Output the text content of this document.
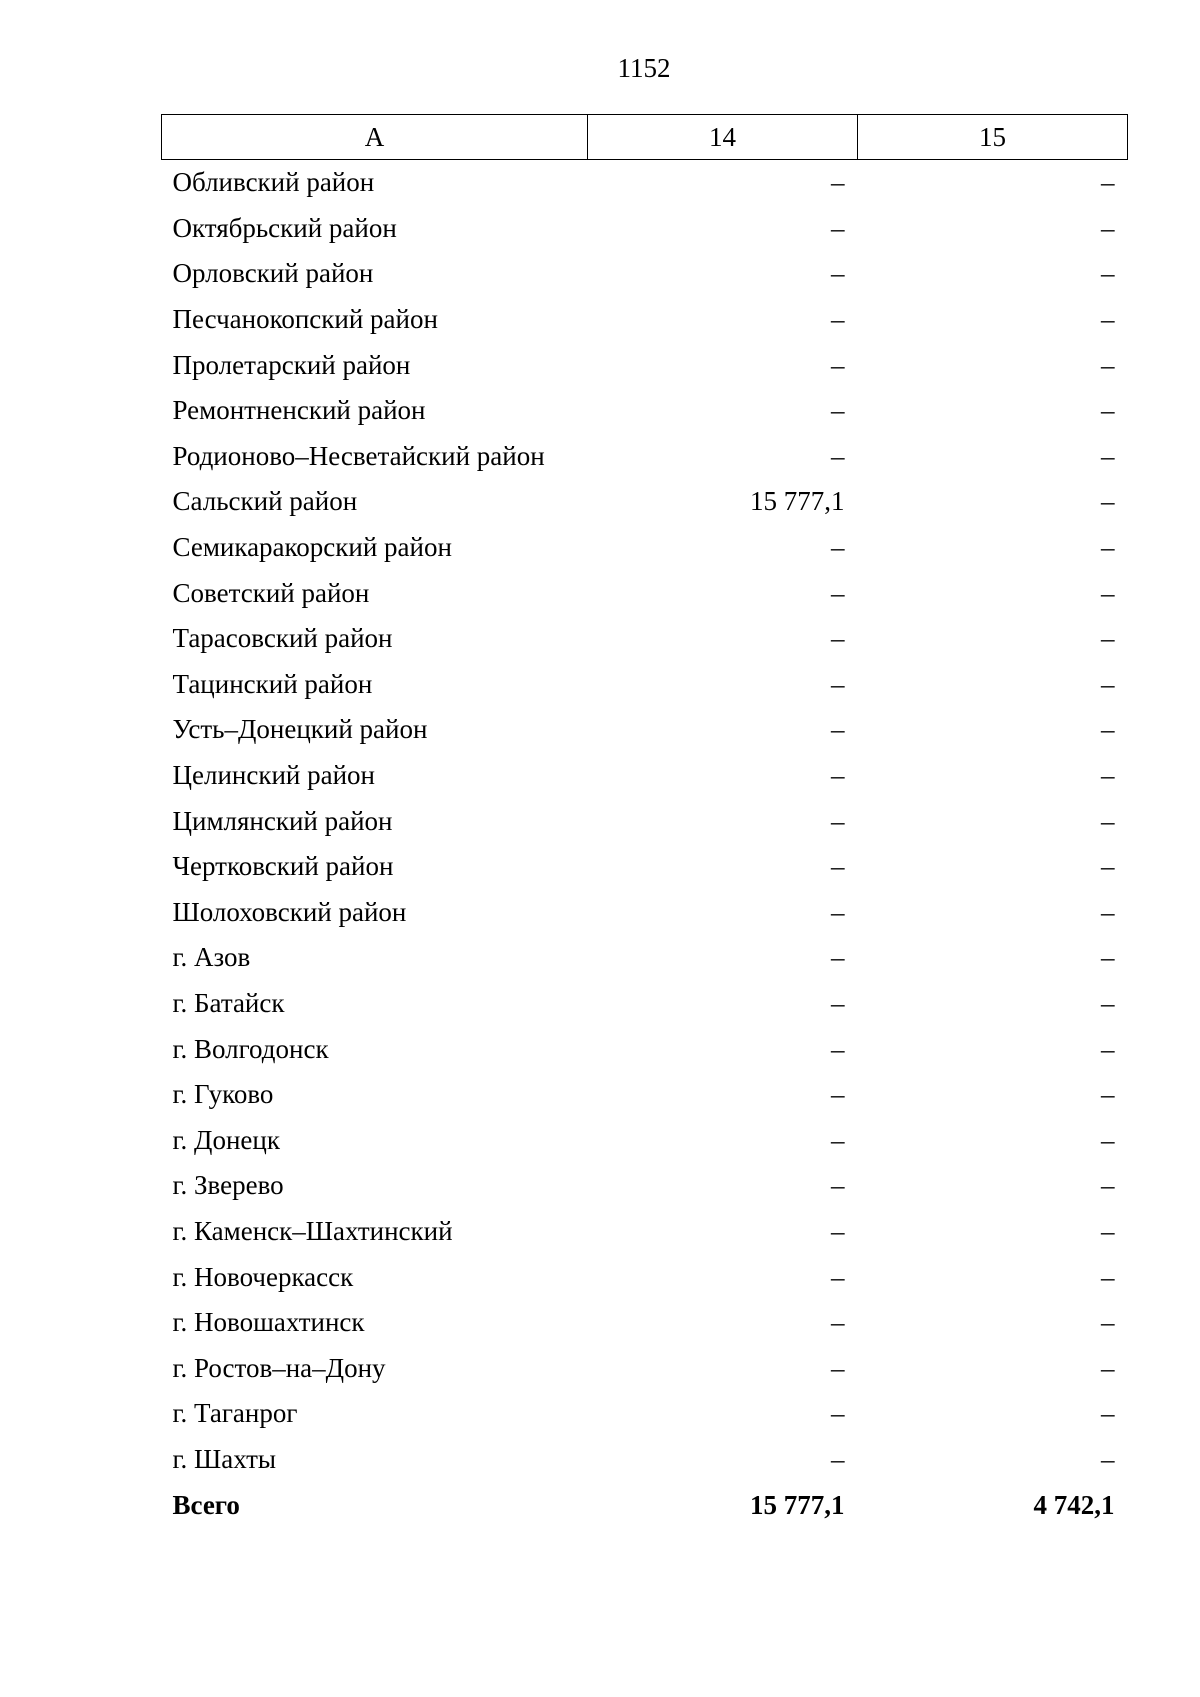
1152
А	14	15
Обливский район	–	–
Октябрьский район	–	–
Орловский район	–	–
Песчанокопский район	–	–
Пролетарский район	–	–
Ремонтненский район	–	–
Родионово–Несветайский район	–	–
Сальский район	15 777,1	–
Семикаракорский район	–	–
Советский район	–	–
Тарасовский район	–	–
Тацинский район	–	–
Усть–Донецкий район	–	–
Целинский район	–	–
Цимлянский район	–	–
Чертковский район	–	–
Шолоховский район	–	–
г. Азов	–	–
г. Батайск	–	–
г. Волгодонск	–	–
г. Гуково	–	–
г. Донецк	–	–
г. Зверево	–	–
г. Каменск–Шахтинский	–	–
г. Новочеркасск	–	–
г. Новошахтинск	–	–
г. Ростов–на–Дону	–	–
г. Таганрог	–	–
г. Шахты	–	–
Всего	15 777,1	4 742,1
